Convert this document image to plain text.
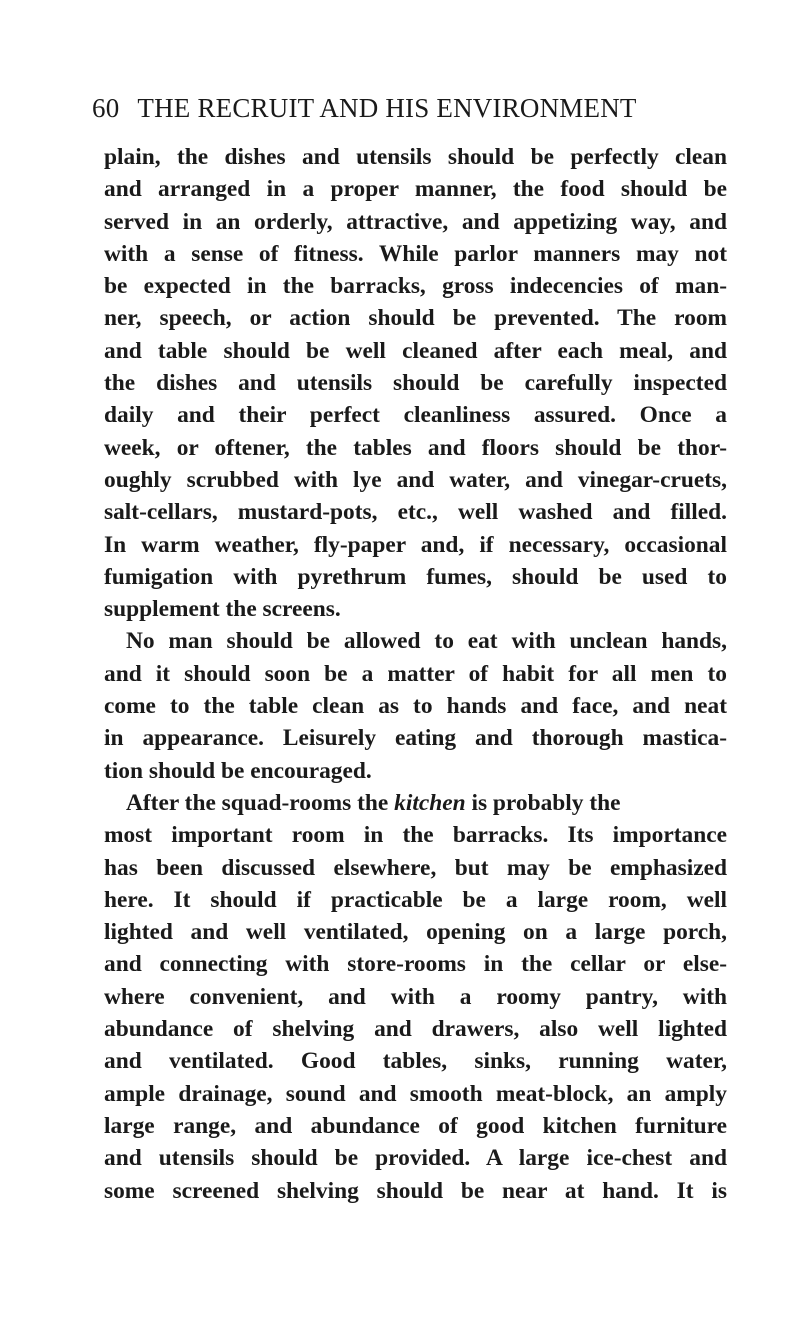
60 THE RECRUIT AND HIS ENVIRONMENT
plain, the dishes and utensils should be perfectly clean
and arranged in a proper manner, the food should be
served in an orderly, attractive, and appetizing way, and
with a sense of fitness. While parlor manners may not
be expected in the barracks, gross indecencies of man-
ner, speech, or action should be prevented. The room
and table should be well cleaned after each meal, and
the dishes and utensils should be carefully inspected
daily and their perfect cleanliness assured. Once a
week, or oftener, the tables and floors should be thor-
oughly scrubbed with lye and water, and vinegar-cruets,
salt-cellars, mustard-pots, etc., well washed and filled.
In warm weather, fly-paper and, if necessary, occasional
fumigation with pyrethrum fumes, should be used to
supplement the screens.
No man should be allowed to eat with unclean hands,
and it should soon be a matter of habit for all men to
come to the table clean as to hands and face, and neat
in appearance. Leisurely eating and thorough mastica-
tion should be encouraged.
After the squad-rooms the kitchen is probably the
most important room in the barracks. Its importance
has been discussed elsewhere, but may be emphasized
here. It should if practicable be a large room, well
lighted and well ventilated, opening on a large porch,
and connecting with store-rooms in the cellar or else-
where convenient, and with a roomy pantry, with
abundance of shelving and drawers, also well lighted
and ventilated. Good tables, sinks, running water,
ample drainage, sound and smooth meat-block, an amply
large range, and abundance of good kitchen furniture
and utensils should be provided. A large ice-chest and
some screened shelving should be near at hand. It is
